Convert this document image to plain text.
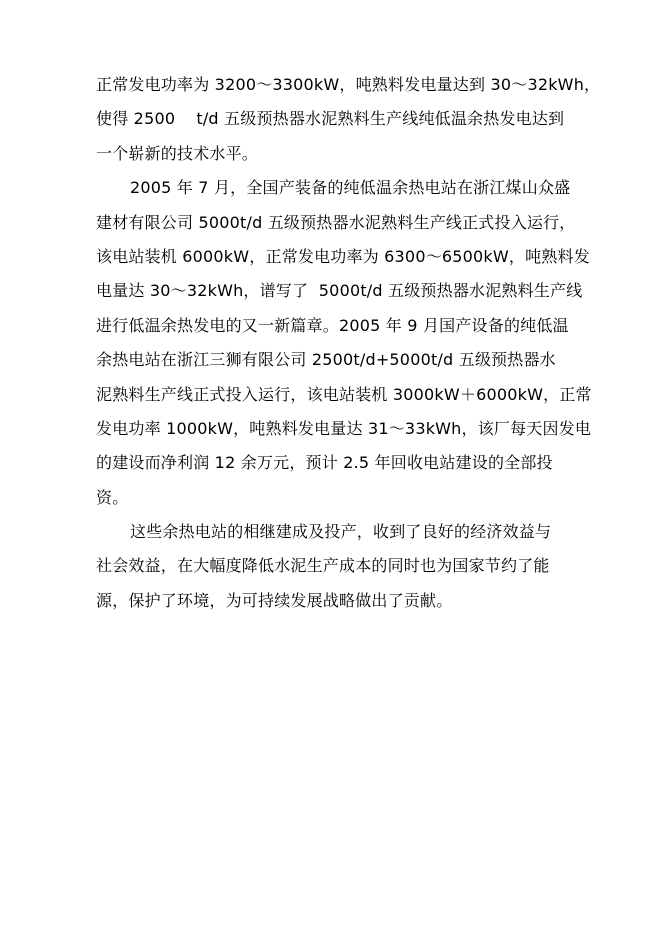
正常发电功率为 3200～3300kW，吨熟料发电量达到 30～32kWh，
使得 2500    t/d 五级预热器水泥熟料生产线纯低温余热发电达到
一个崭新的技术水平。
2005 年 7 月，全国产装备的纯低温余热电站在浙江煤山众盛
建材有限公司 5000t/d 五级预热器水泥熟料生产线正式投入运行，
该电站装机 6000kW，正常发电功率为 6300～6500kW，吨熟料发
电量达 30～32kWh，谱写了  5000t/d 五级预热器水泥熟料生产线
进行低温余热发电的又一新篇章。2005 年 9 月国产设备的纯低温
余热电站在浙江三狮有限公司 2500t/d+5000t/d 五级预热器水
泥熟料生产线正式投入运行，该电站装机 3000kW＋6000kW，正常
发电功率 1000kW，吨熟料发电量达 31～33kWh，该厂每天因发电
的建设而净利润 12 余万元，预计 2.5 年回收电站建设的全部投
资。
这些余热电站的相继建成及投产，收到了良好的经济效益与
社会效益，在大幅度降低水泥生产成本的同时也为国家节约了能
源，保护了环境，为可持续发展战略做出了贡献。
